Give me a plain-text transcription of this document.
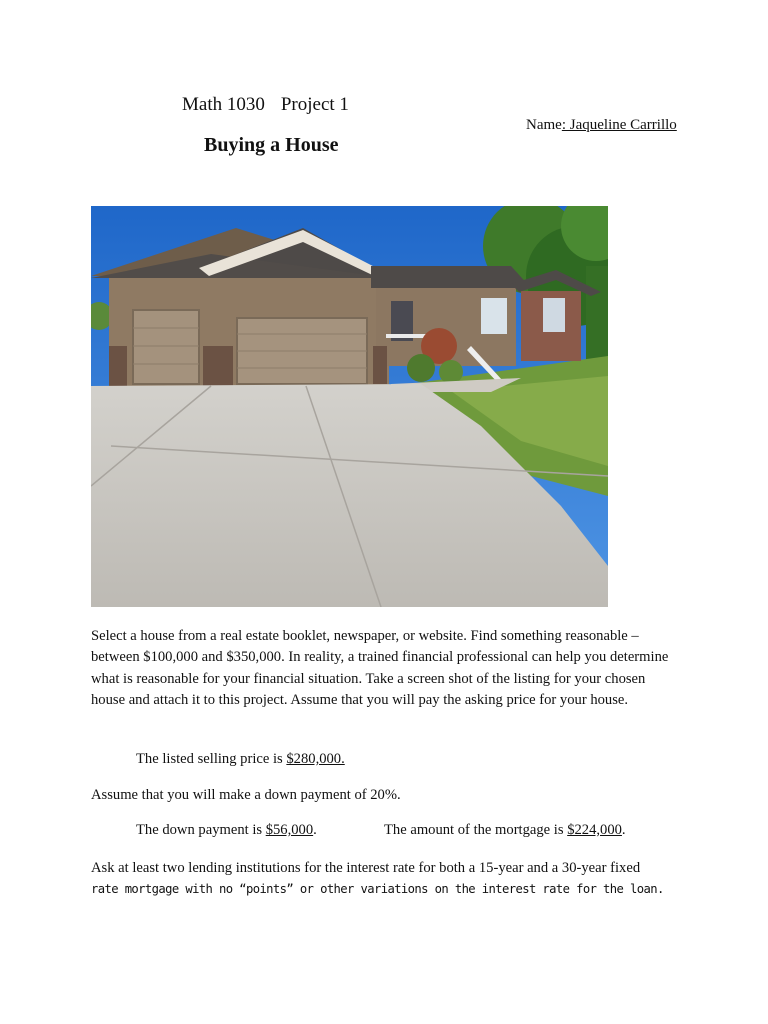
Math 1030 Project 1
Buying a House
Name: Jaqueline Carrillo
Select a house from a real estate booklet, newspaper, or website. Find something reasonable – between $100,000 and $350,000. In reality, a trained financial professional can help you determine what is reasonable for your financial situation. Take a screen shot of the listing for your chosen house and attach it to this project. Assume that you will pay the asking price for your house.
The listed selling price is $280,000.
Assume that you will make a down payment of 20%.
The down payment is $56,000.	The amount of the mortgage is $224,000.
Ask at least two lending institutions for the interest rate for both a 15-year and a 30-year fixed
rate mortgage with no “points” or other variations on the interest rate for the loan.
